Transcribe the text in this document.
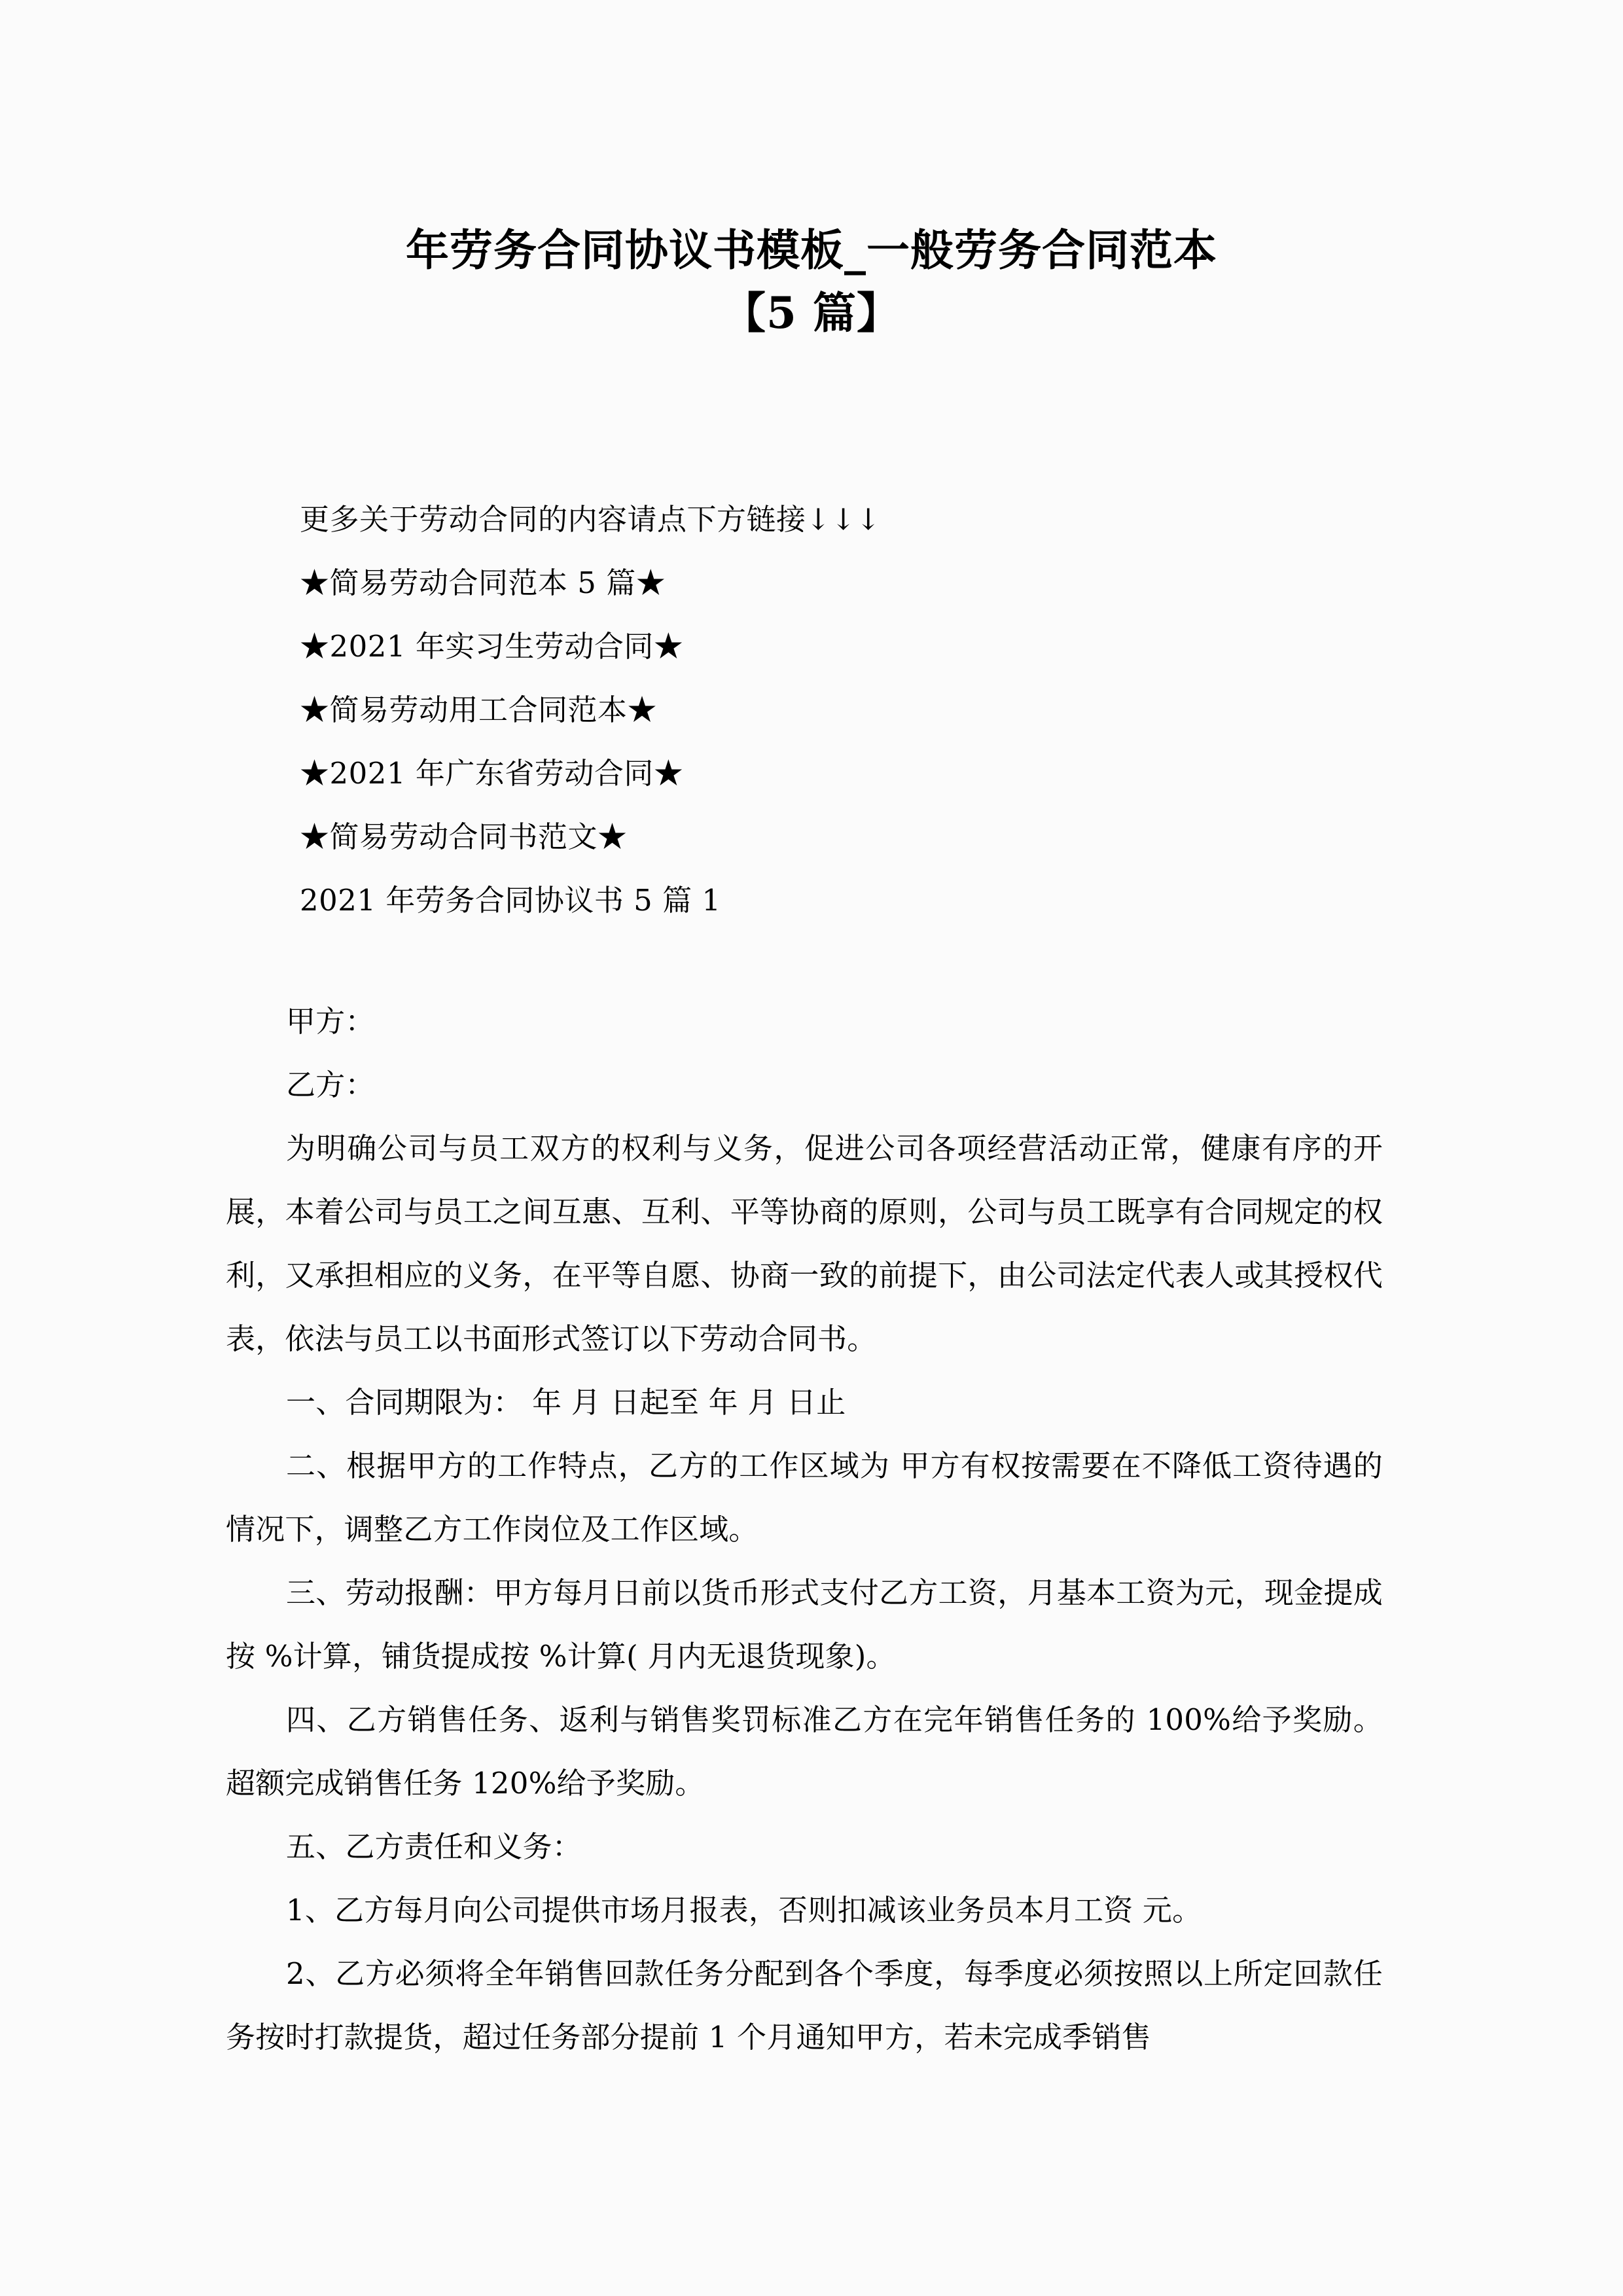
年劳务合同协议书模板_一般劳务合同范本
【5 篇】
更多关于劳动合同的内容请点下方链接↓↓↓
★简易劳动合同范本 5 篇★
★2021 年实习生劳动合同★
★简易劳动用工合同范本★
★2021 年广东省劳动合同★
★简易劳动合同书范文★
2021 年劳务合同协议书 5 篇 1

甲方：

乙方：

为明确公司与员工双方的权利与义务，促进公司各项经营活动正常，健康有序的开展，本着公司与员工之间互惠、互利、平等协商的原则，公司与员工既享有合同规定的权利，又承担相应的义务，在平等自愿、协商一致的前提下，由公司法定代表人或其授权代表，依法与员工以书面形式签订以下劳动合同书。

一、合同期限为： 年 月 日起至 年 月 日止

二、根据甲方的工作特点，乙方的工作区域为 甲方有权按需要在不降低工资待遇的情况下，调整乙方工作岗位及工作区域。

三、劳动报酬：甲方每月日前以货币形式支付乙方工资，月基本工资为元，现金提成按 %计算，铺货提成按 %计算( 月内无退货现象)。

四、乙方销售任务、返利与销售奖罚标准乙方在完年销售任务的 100%给予奖励。超额完成销售任务 120%给予奖励。

五、乙方责任和义务：

1、乙方每月向公司提供市场月报表，否则扣减该业务员本月工资 元。

2、乙方必须将全年销售回款任务分配到各个季度，每季度必须按照以上所定回款任务按时打款提货，超过任务部分提前 1 个月通知甲方，若未完成季销售
